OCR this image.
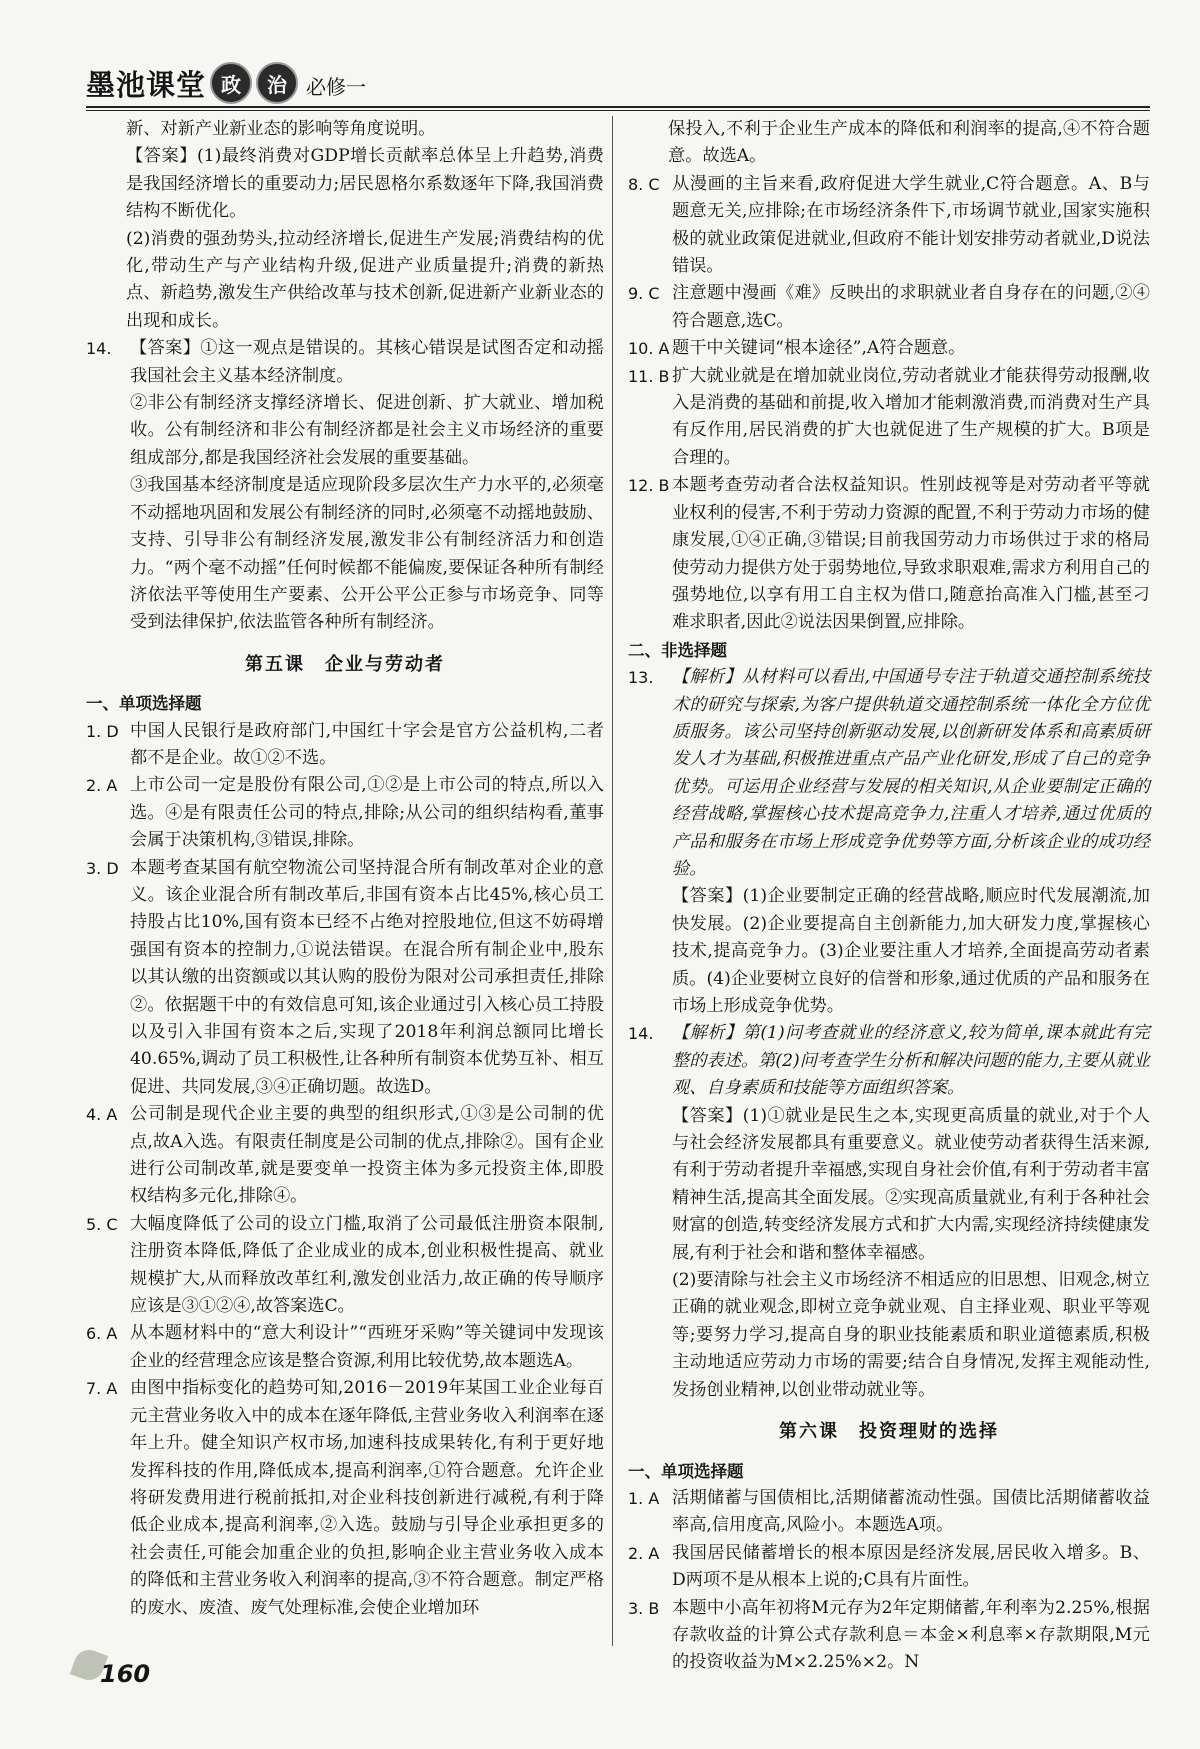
墨池课堂 政	治 必修一

新、对新产业新业态的影响等角度说明。

【答案】(1)最终消费对GDP增长贡献率总体呈上升趋势,消费是我国经济增长的重要动力;居民恩格尔系数逐年下降,我国消费结构不断优化。

(2)消费的强劲势头,拉动经济增长,促进生产发展;消费结构的优化,带动生产与产业结构升级,促进产业质量提升;消费的新热点、新趋势,激发生产供给改革与技术创新,促进新产业新业态的出现和成长。

14.	【答案】①这一观点是错误的。其核心错误是试图否定和动摇我国社会主义基本经济制度。

②非公有制经济支撑经济增长、促进创新、扩大就业、增加税收。公有制经济和非公有制经济都是社会主义市场经济的重要组成部分,都是我国经济社会发展的重要基础。

③我国基本经济制度是适应现阶段多层次生产力水平的,必须毫不动摇地巩固和发展公有制经济的同时,必须毫不动摇地鼓励、支持、引导非公有制经济发展,激发非公有制经济活力和创造力。“两个毫不动摇”任何时候都不能偏废,要保证各种所有制经济依法平等使用生产要素、公开公平公正参与市场竞争、同等受到法律保护,依法监管各种所有制经济。

第五课　企业与劳动者

一、单项选择题

1. D 中国人民银行是政府部门,中国红十字会是官方公益机构,二者都不是企业。故①②不选。
2. A 上市公司一定是股份有限公司,①②是上市公司的特点,所以入选。④是有限责任公司的特点,排除;从公司的组织结构看,董事会属于决策机构,③错误,排除。
3. D 本题考查某国有航空物流公司坚持混合所有制改革对企业的意义。该企业混合所有制改革后,非国有资本占比45%,核心员工持股占比10%,国有资本已经不占绝对控股地位,但这不妨碍增强国有资本的控制力,①说法错误。在混合所有制企业中,股东以其认缴的出资额或以其认购的股份为限对公司承担责任,排除②。依据题干中的有效信息可知,该企业通过引入核心员工持股以及引入非国有资本之后,实现了2018年利润总额同比增长40.65%,调动了员工积极性,让各种所有制资本优势互补、相互促进、共同发展,③④正确切题。故选D。
4. A 公司制是现代企业主要的典型的组织形式,①③是公司制的优点,故A入选。有限责任制度是公司制的优点,排除②。国有企业进行公司制改革,就是要变单一投资主体为多元投资主体,即股权结构多元化,排除④。
5. C 大幅度降低了公司的设立门槛,取消了公司最低注册资本限制,注册资本降低,降低了企业成业的成本,创业积极性提高、就业规模扩大,从而释放改革红利,激发创业活力,故正确的传导顺序应该是③①②④,故答案选C。
6. A 从本题材料中的“意大利设计”“西班牙采购”等关键词中发现该企业的经营理念应该是整合资源,利用比较优势,故本题选A。
7. A 由图中指标变化的趋势可知,2016－2019年某国工业企业每百元主营业务收入中的成本在逐年降低,主营业务收入利润率在逐年上升。健全知识产权市场,加速科技成果转化,有利于更好地发挥科技的作用,降低成本,提高利润率,①符合题意。允许企业将研发费用进行税前抵扣,对企业科技创新进行减税,有利于降低企业成本,提高利润率,②入选。鼓励与引导企业承担更多的社会责任,可能会加重企业的负担,影响企业主营业务收入成本的降低和主营业务收入利润率的提高,③不符合题意。制定严格的废水、废渣、废气处理标准,会使企业增加环

保投入,不利于企业生产成本的降低和利润率的提高,④不符合题意。故选A。

8. C 从漫画的主旨来看,政府促进大学生就业,C符合题意。A、B与题意无关,应排除;在市场经济条件下,市场调节就业,国家实施积极的就业政策促进就业,但政府不能计划安排劳动者就业,D说法错误。
9. C 注意题中漫画《难》反映出的求职就业者自身存在的问题,②④符合题意,选C。
10. A 题干中关键词“根本途径”,A符合题意。
11. B 扩大就业就是在增加就业岗位,劳动者就业才能获得劳动报酬,收入是消费的基础和前提,收入增加才能刺激消费,而消费对生产具有反作用,居民消费的扩大也就促进了生产规模的扩大。B项是合理的。
12. B 本题考查劳动者合法权益知识。性别歧视等是对劳动者平等就业权利的侵害,不利于劳动力资源的配置,不利于劳动力市场的健康发展,①④正确,③错误;目前我国劳动力市场供过于求的格局使劳动力提供方处于弱势地位,导致求职艰难,需求方利用自己的强势地位,以享有用工自主权为借口,随意抬高准入门槛,甚至刁难求职者,因此②说法因果倒置,应排除。

二、非选择题

13.	【解析】从材料可以看出,中国通号专注于轨道交通控制系统技术的研究与探索,为客户提供轨道交通控制系统一体化全方位优质服务。该公司坚持创新驱动发展,以创新研发体系和高素质研发人才为基础,积极推进重点产品产业化研发,形成了自己的竞争优势。可运用企业经营与发展的相关知识,从企业要制定正确的经营战略,掌握核心技术提高竞争力,注重人才培养,通过优质的产品和服务在市场上形成竞争优势等方面,分析该企业的成功经验。

【答案】(1)企业要制定正确的经营战略,顺应时代发展潮流,加快发展。(2)企业要提高自主创新能力,加大研发力度,掌握核心技术,提高竞争力。(3)企业要注重人才培养,全面提高劳动者素质。(4)企业要树立良好的信誉和形象,通过优质的产品和服务在市场上形成竞争优势。

14.	【解析】第(1)问考查就业的经济意义,较为简单,课本就此有完整的表述。第(2)问考查学生分析和解决问题的能力,主要从就业观、自身素质和技能等方面组织答案。

【答案】(1)①就业是民生之本,实现更高质量的就业,对于个人与社会经济发展都具有重要意义。就业使劳动者获得生活来源,有利于劳动者提升幸福感,实现自身社会价值,有利于劳动者丰富精神生活,提高其全面发展。②实现高质量就业,有利于各种社会财富的创造,转变经济发展方式和扩大内需,实现经济持续健康发展,有利于社会和谐和整体幸福感。

(2)要清除与社会主义市场经济不相适应的旧思想、旧观念,树立正确的就业观念,即树立竞争就业观、自主择业观、职业平等观等;要努力学习,提高自身的职业技能素质和职业道德素质,积极主动地适应劳动力市场的需要;结合自身情况,发挥主观能动性,发扬创业精神,以创业带动就业等。

第六课　投资理财的选择

一、单项选择题

1. A 活期储蓄与国债相比,活期储蓄流动性强。国债比活期储蓄收益率高,信用度高,风险小。本题选A项。
2. A 我国居民储蓄增长的根本原因是经济发展,居民收入增多。B、D两项不是从根本上说的;C具有片面性。
3. B 本题中小高年初将M元存为2年定期储蓄,年利率为2.25%,根据存款收益的计算公式存款利息＝本金×利息率×存款期限,M元的投资收益为M×2.25%×2。N
160
